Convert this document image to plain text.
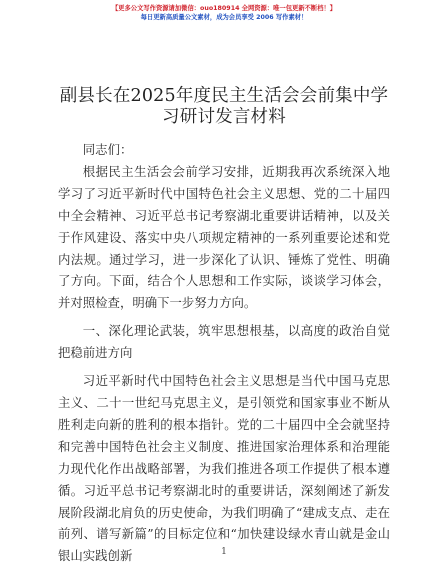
【更多公文写作资源请加微信：ouo180914 全网资源：唯一包更新不断档！】
每日更新高质量公文素材，成为会员享受 2006 写作素材！
副县长在2025年度民主生活会会前集中学习研讨发言材料

同志们：

根据民主生活会会前学习安排，近期我再次系统深入地学习了习近平新时代中国特色社会主义思想、党的二十届四中全会精神、习近平总书记考察湖北重要讲话精神，以及关于作风建设、落实中央八项规定精神的一系列重要论述和党内法规。通过学习，进一步深化了认识、锤炼了党性、明确了方向。下面，结合个人思想和工作实际，谈谈学习体会，并对照检查，明确下一步努力方向。

一、深化理论武装，筑牢思想根基，以高度的政治自觉把稳前进方向

习近平新时代中国特色社会主义思想是当代中国马克思主义、二十一世纪马克思主义，是引领党和国家事业不断从胜利走向新的胜利的根本指针。党的二十届四中全会就坚持和完善中国特色社会主义制度、推进国家治理体系和治理能力现代化作出战略部署，为我们推进各项工作提供了根本遵循。习近平总书记考察湖北时的重要讲话，深刻阐述了新发展阶段湖北肩负的历史使命，为我们明确了“建成支点、走在前列、谱写新篇”的目标定位和“加快建设绿水青山就是金山银山实践创新	1
